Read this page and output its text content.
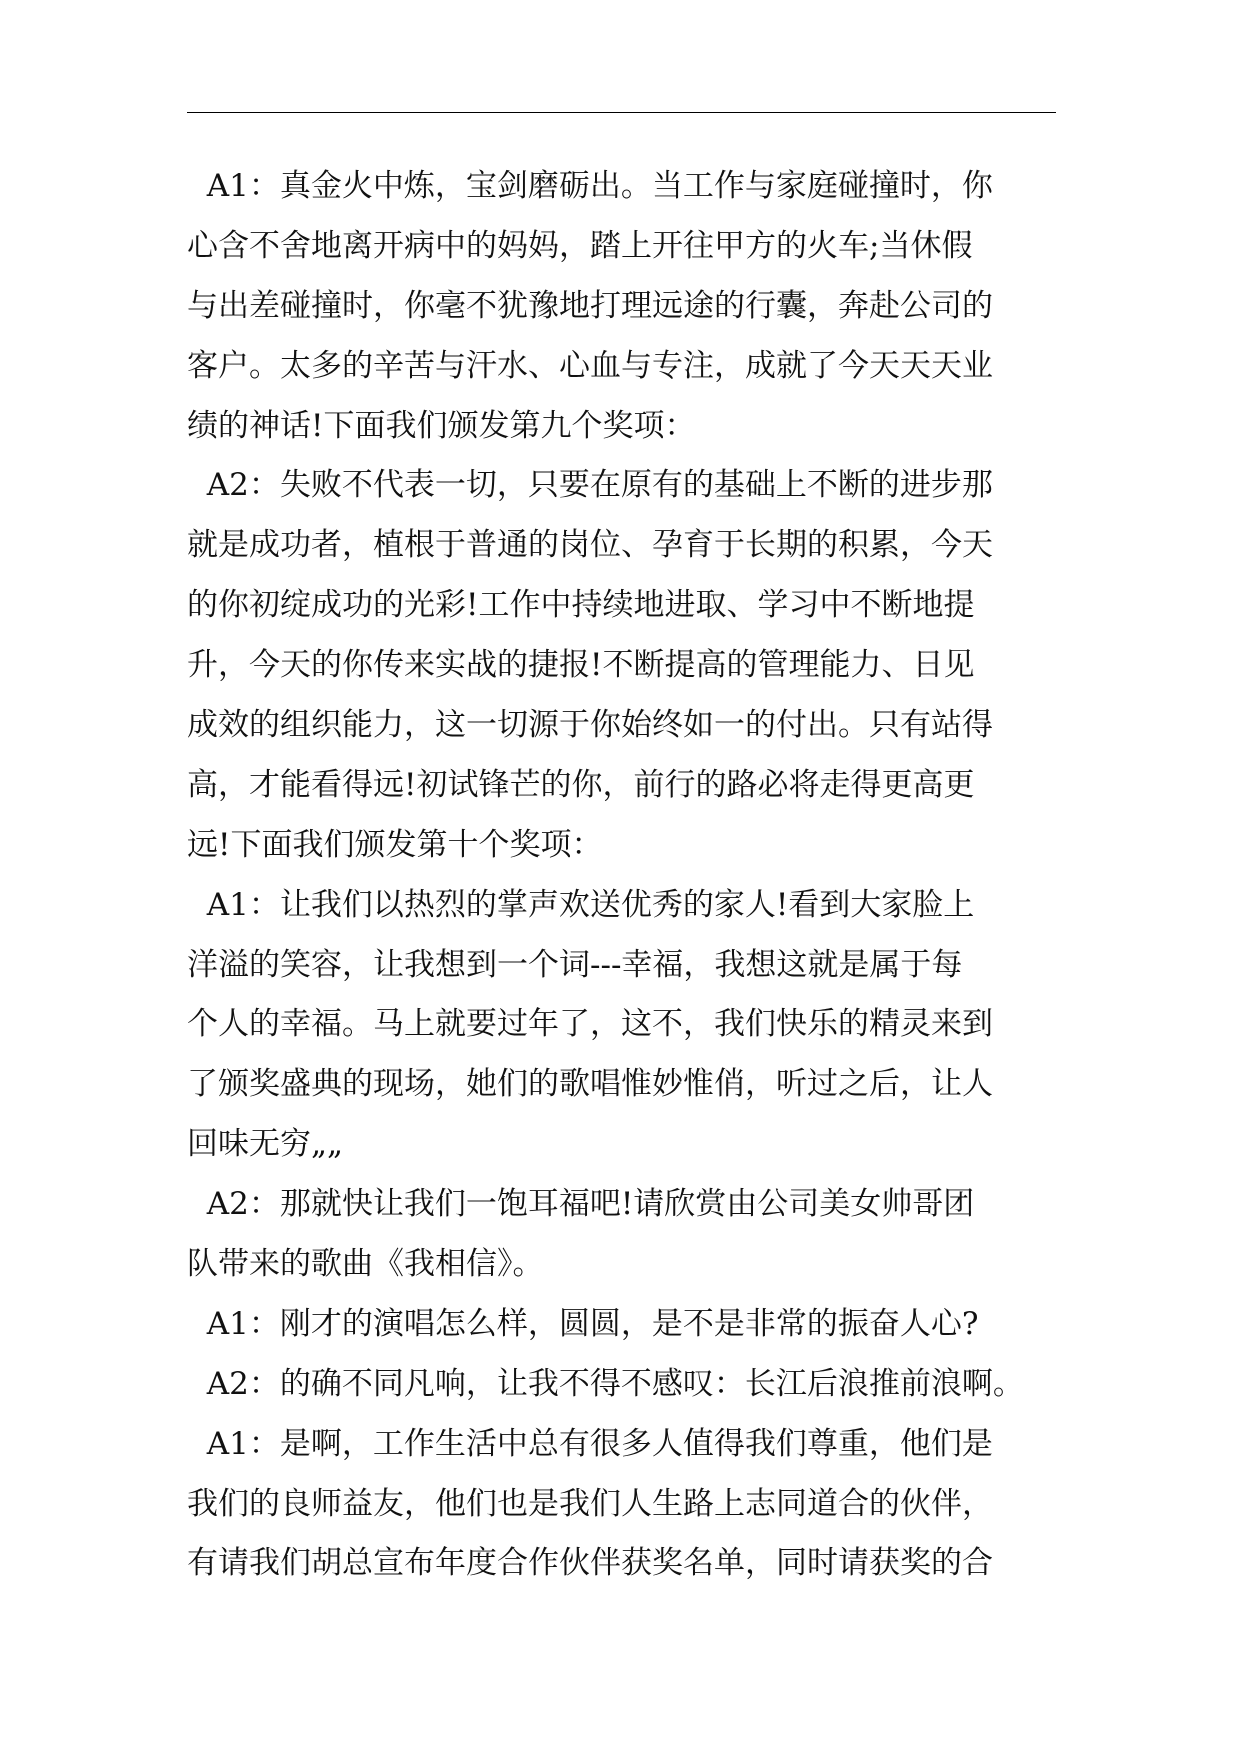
A1：真金火中炼，宝剑磨砺出。当工作与家庭碰撞时，你
心含不舍地离开病中的妈妈，踏上开往甲方的火车;当休假
与出差碰撞时，你毫不犹豫地打理远途的行囊，奔赴公司的
客户。太多的辛苦与汗水、心血与专注，成就了今天天天业
绩的神话!下面我们颁发第九个奖项：
A2：失败不代表一切，只要在原有的基础上不断的进步那
就是成功者，植根于普通的岗位、孕育于长期的积累，今天
的你初绽成功的光彩!工作中持续地进取、学习中不断地提
升，今天的你传来实战的捷报!不断提高的管理能力、日见
成效的组织能力，这一切源于你始终如一的付出。只有站得
高，才能看得远!初试锋芒的你，前行的路必将走得更高更
远!下面我们颁发第十个奖项：
A1：让我们以热烈的掌声欢送优秀的家人!看到大家脸上
洋溢的笑容，让我想到一个词---幸福，我想这就是属于每
个人的幸福。马上就要过年了，这不，我们快乐的精灵来到
了颁奖盛典的现场，她们的歌唱惟妙惟俏，听过之后，让人
回味无穷„„
A2：那就快让我们一饱耳福吧!请欣赏由公司美女帅哥团
队带来的歌曲《我相信》。
A1：刚才的演唱怎么样，圆圆，是不是非常的振奋人心?
A2：的确不同凡响，让我不得不感叹：长江后浪推前浪啊。
A1：是啊，工作生活中总有很多人值得我们尊重，他们是
我们的良师益友，他们也是我们人生路上志同道合的伙伴，
有请我们胡总宣布年度合作伙伴获奖名单，同时请获奖的合
